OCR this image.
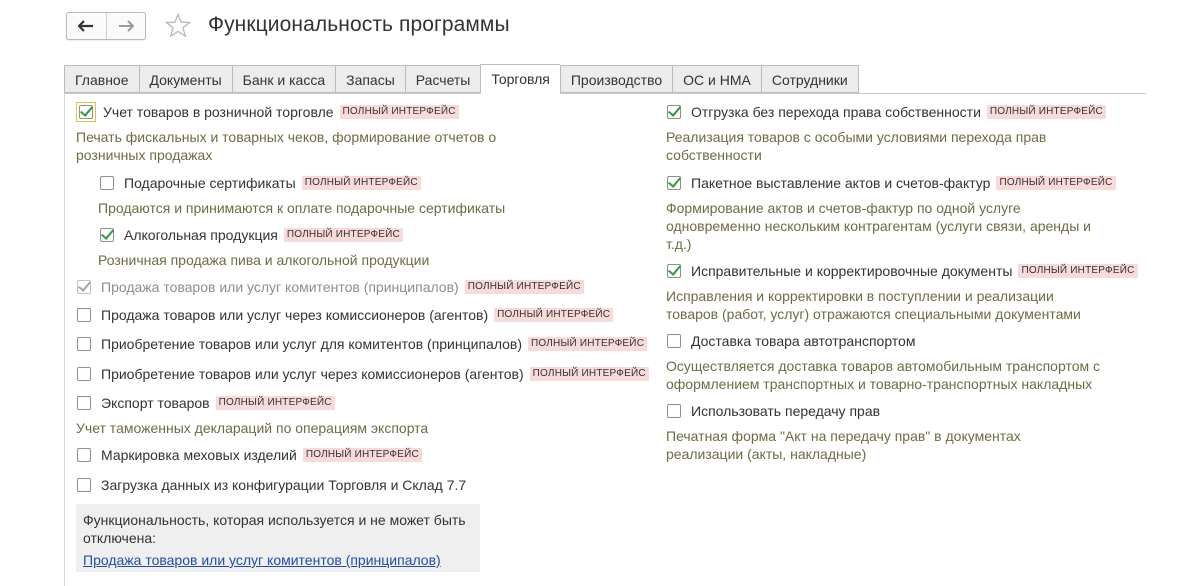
Функциональность программы
Главное	Документы	Банк и касса	Запасы	Расчеты	Торговля	Производство	ОС и НМА	Сотрудники
Учет товаров в розничной торговле ПОЛНЫЙ ИНТЕРФЕЙС
Печать фискальных и товарных чеков, формирование отчетов о
розничных продажах
Подарочные сертификаты ПОЛНЫЙ ИНТЕРФЕЙС
Продаются и принимаются к оплате подарочные сертификаты
Алкогольная продукция ПОЛНЫЙ ИНТЕРФЕЙС
Розничная продажа пива и алкогольной продукции
Продажа товаров или услуг комитентов (принципалов) ПОЛНЫЙ ИНТЕРФЕЙС
Продажа товаров или услуг через комиссионеров (агентов) ПОЛНЫЙ ИНТЕРФЕЙС
Приобретение товаров или услуг для комитентов (принципалов) ПОЛНЫЙ ИНТЕРФЕЙС
Приобретение товаров или услуг через комиссионеров (агентов) ПОЛНЫЙ ИНТЕРФЕЙС
Экспорт товаров ПОЛНЫЙ ИНТЕРФЕЙС
Учет таможенных деклараций по операциям экспорта
Маркировка меховых изделий ПОЛНЫЙ ИНТЕРФЕЙС
Загрузка данных из конфигурации Торговля и Склад 7.7
Функциональность, которая используется и не может быть
отключена:
Продажа товаров или услуг комитентов (принципалов)
Отгрузка без перехода права собственности ПОЛНЫЙ ИНТЕРФЕЙС
Реализация товаров с особыми условиями перехода прав
собственности
Пакетное выставление актов и счетов-фактур ПОЛНЫЙ ИНТЕРФЕЙС
Формирование актов и счетов-фактур по одной услуге
одновременно нескольким контрагентам (услуги связи, аренды и
т.д.)
Исправительные и корректировочные документы ПОЛНЫЙ ИНТЕРФЕЙС
Исправления и корректировки в поступлении и реализации
товаров (работ, услуг) отражаются специальными документами
Доставка товара автотранспортом
Осуществляется доставка товаров автомобильным транспортом с
оформлением транспортных и товарно-транспортных накладных
Использовать передачу прав
Печатная форма "Акт на передачу прав" в документах
реализации (акты, накладные)
